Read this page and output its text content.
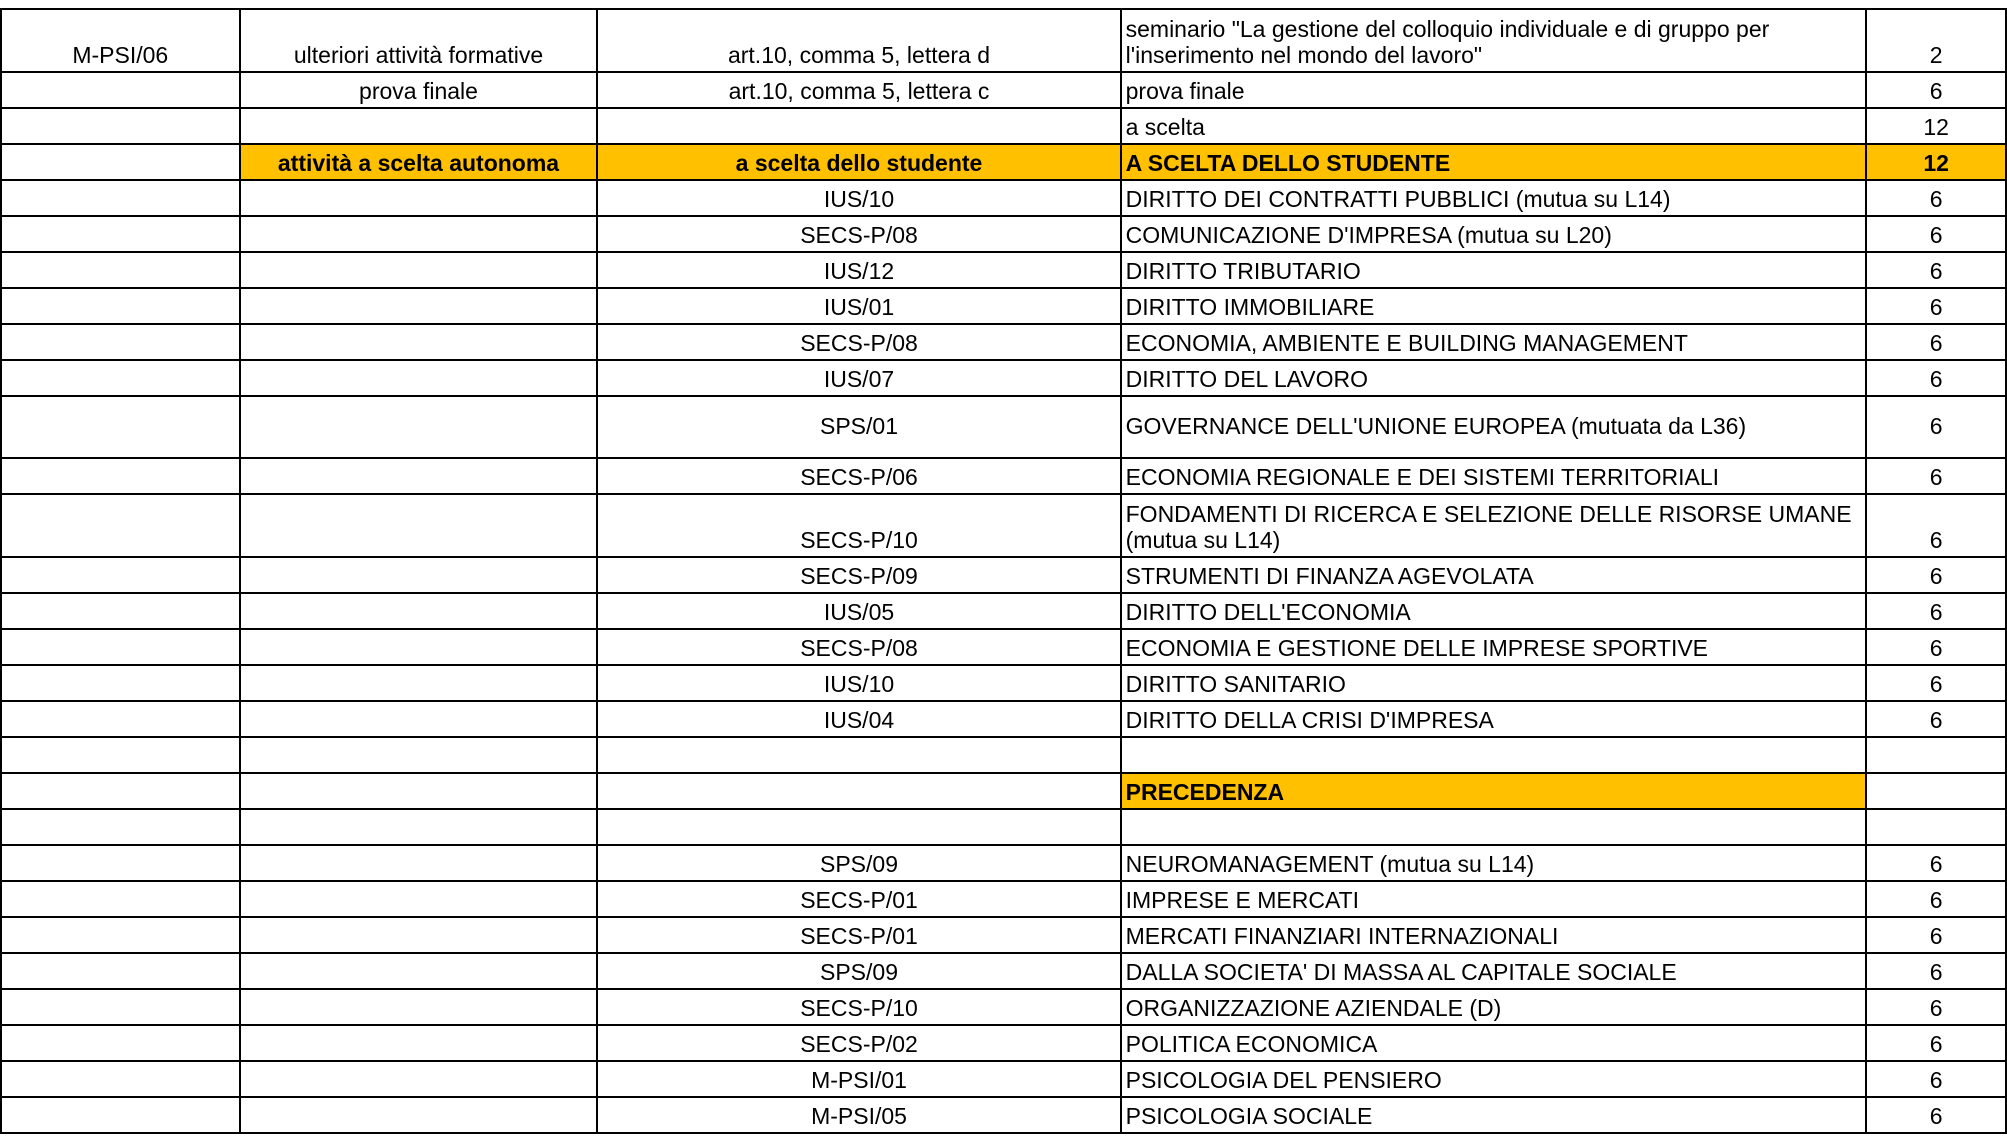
M-PSI/06	ulteriori attività formative	art.10, comma 5, lettera d	seminario "La gestione del colloquio individuale e di gruppo per l'inserimento nel mondo del lavoro"	2
	prova finale	art.10, comma 5, lettera c	prova finale	6
			a scelta	12
	attività a scelta autonoma	a scelta dello studente	A SCELTA DELLO STUDENTE	12
		IUS/10	DIRITTO DEI CONTRATTI PUBBLICI (mutua su L14)	6
		SECS-P/08	COMUNICAZIONE D'IMPRESA (mutua su L20)	6
		IUS/12	DIRITTO TRIBUTARIO	6
		IUS/01	DIRITTO IMMOBILIARE	6
		SECS-P/08	ECONOMIA, AMBIENTE E BUILDING MANAGEMENT	6
		IUS/07	DIRITTO DEL LAVORO	6
		SPS/01	GOVERNANCE DELL'UNIONE EUROPEA (mutuata da L36)	6
		SECS-P/06	ECONOMIA REGIONALE E DEI SISTEMI TERRITORIALI	6
		SECS-P/10	FONDAMENTI DI RICERCA E SELEZIONE DELLE RISORSE UMANE (mutua su L14)	6
		SECS-P/09	STRUMENTI DI FINANZA AGEVOLATA	6
		IUS/05	DIRITTO DELL'ECONOMIA	6
		SECS-P/08	ECONOMIA E GESTIONE DELLE IMPRESE SPORTIVE	6
		IUS/10	DIRITTO SANITARIO	6
		IUS/04	DIRITTO DELLA CRISI D'IMPRESA	6

			PRECEDENZA	

		SPS/09	NEUROMANAGEMENT (mutua su L14)	6
		SECS-P/01	IMPRESE E MERCATI	6
		SECS-P/01	MERCATI FINANZIARI INTERNAZIONALI	6
		SPS/09	DALLA SOCIETA' DI MASSA AL CAPITALE SOCIALE	6
		SECS-P/10	ORGANIZZAZIONE AZIENDALE (D)	6
		SECS-P/02	POLITICA ECONOMICA	6
		M-PSI/01	PSICOLOGIA DEL PENSIERO	6
		M-PSI/05	PSICOLOGIA SOCIALE	6
